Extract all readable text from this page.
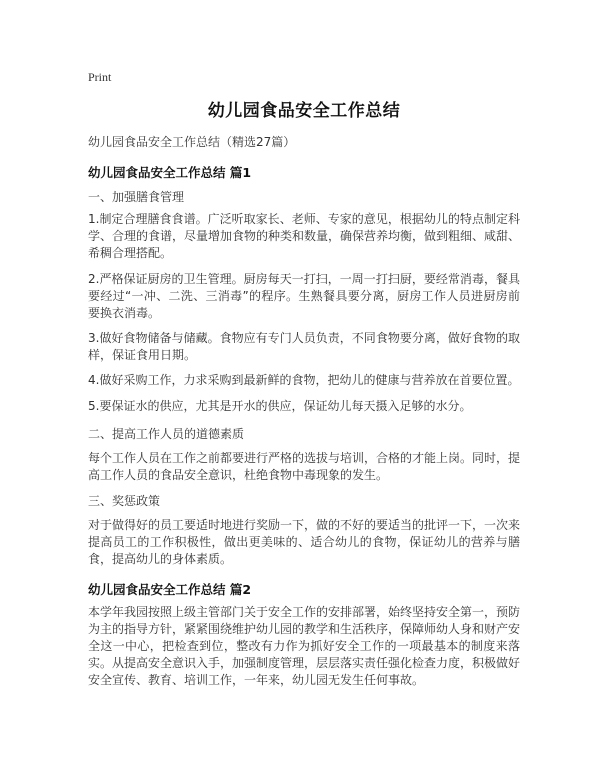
Print
幼儿园食品安全工作总结
幼儿园食品安全工作总结（精选27篇）
幼儿园食品安全工作总结 篇1
一、加强膳食管理
1.制定合理膳食食谱。广泛听取家长、老师、专家的意见，根据幼儿的特点制定科学、合理的食谱，尽量增加食物的种类和数量，确保营养均衡，做到粗细、咸甜、希稠合理搭配。
2.严格保证厨房的卫生管理。厨房每天一打扫，一周一打扫厨，要经常消毒，餐具要经过“一冲、二洗、三消毒”的程序。生熟餐具要分离，厨房工作人员进厨房前要换衣消毒。
3.做好食物储备与储藏。食物应有专门人员负责，不同食物要分离，做好食物的取样，保证食用日期。
4.做好采购工作，力求采购到最新鲜的食物，把幼儿的健康与营养放在首要位置。
5.要保证水的供应，尤其是开水的供应，保证幼儿每天摄入足够的水分。
二、提高工作人员的道德素质
每个工作人员在工作之前都要进行严格的选拔与培训，合格的才能上岗。同时，提高工作人员的食品安全意识，杜绝食物中毒现象的发生。
三、奖惩政策
对于做得好的员工要适时地进行奖励一下，做的不好的要适当的批评一下，一次来提高员工的工作积极性，做出更美味的、适合幼儿的食物，保证幼儿的营养与膳食，提高幼儿的身体素质。
幼儿园食品安全工作总结 篇2
本学年我园按照上级主管部门关于安全工作的安排部署，始终坚持安全第一，预防为主的指导方针，紧紧围绕维护幼儿园的教学和生活秩序，保障师幼人身和财产安全这一中心，把检查到位，整改有力作为抓好安全工作的一项最基本的制度来落实。从提高安全意识入手，加强制度管理，层层落实责任强化检查力度，积极做好安全宣传、教育、培训工作，一年来，幼儿园无发生任何事故。
